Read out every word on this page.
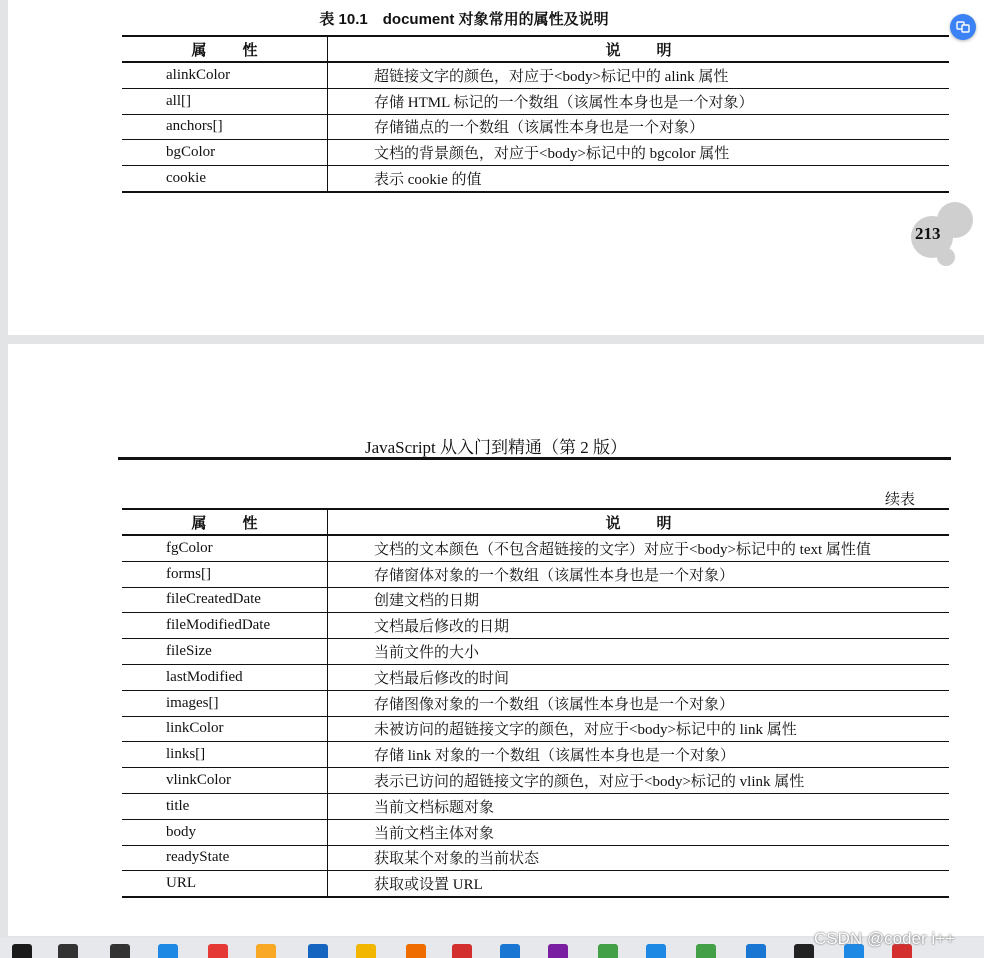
表 10.1　document 对象常用的属性及说明
属 性	说 明
alinkColor	超链接文字的颜色，对应于<body>标记中的 alink 属性
all[]	存储 HTML 标记的一个数组（该属性本身也是一个对象）
anchors[]	存储锚点的一个数组（该属性本身也是一个对象）
bgColor	文档的背景颜色，对应于<body>标记中的 bgcolor 属性
cookie	表示 cookie 的值
213
JavaScript 从入门到精通（第 2 版）
续表
属 性	说 明
fgColor	文档的文本颜色（不包含超链接的文字）对应于<body>标记中的 text 属性值
forms[]	存储窗体对象的一个数组（该属性本身也是一个对象）
fileCreatedDate	创建文档的日期
fileModifiedDate	文档最后修改的日期
fileSize	当前文件的大小
lastModified	文档最后修改的时间
images[]	存储图像对象的一个数组（该属性本身也是一个对象）
linkColor	未被访问的超链接文字的颜色，对应于<body>标记中的 link 属性
links[]	存储 link 对象的一个数组（该属性本身也是一个对象）
vlinkColor	表示已访问的超链接文字的颜色，对应于<body>标记的 vlink 属性
title	当前文档标题对象
body	当前文档主体对象
readyState	获取某个对象的当前状态
URL	获取或设置 URL
CSDN @coder i++
